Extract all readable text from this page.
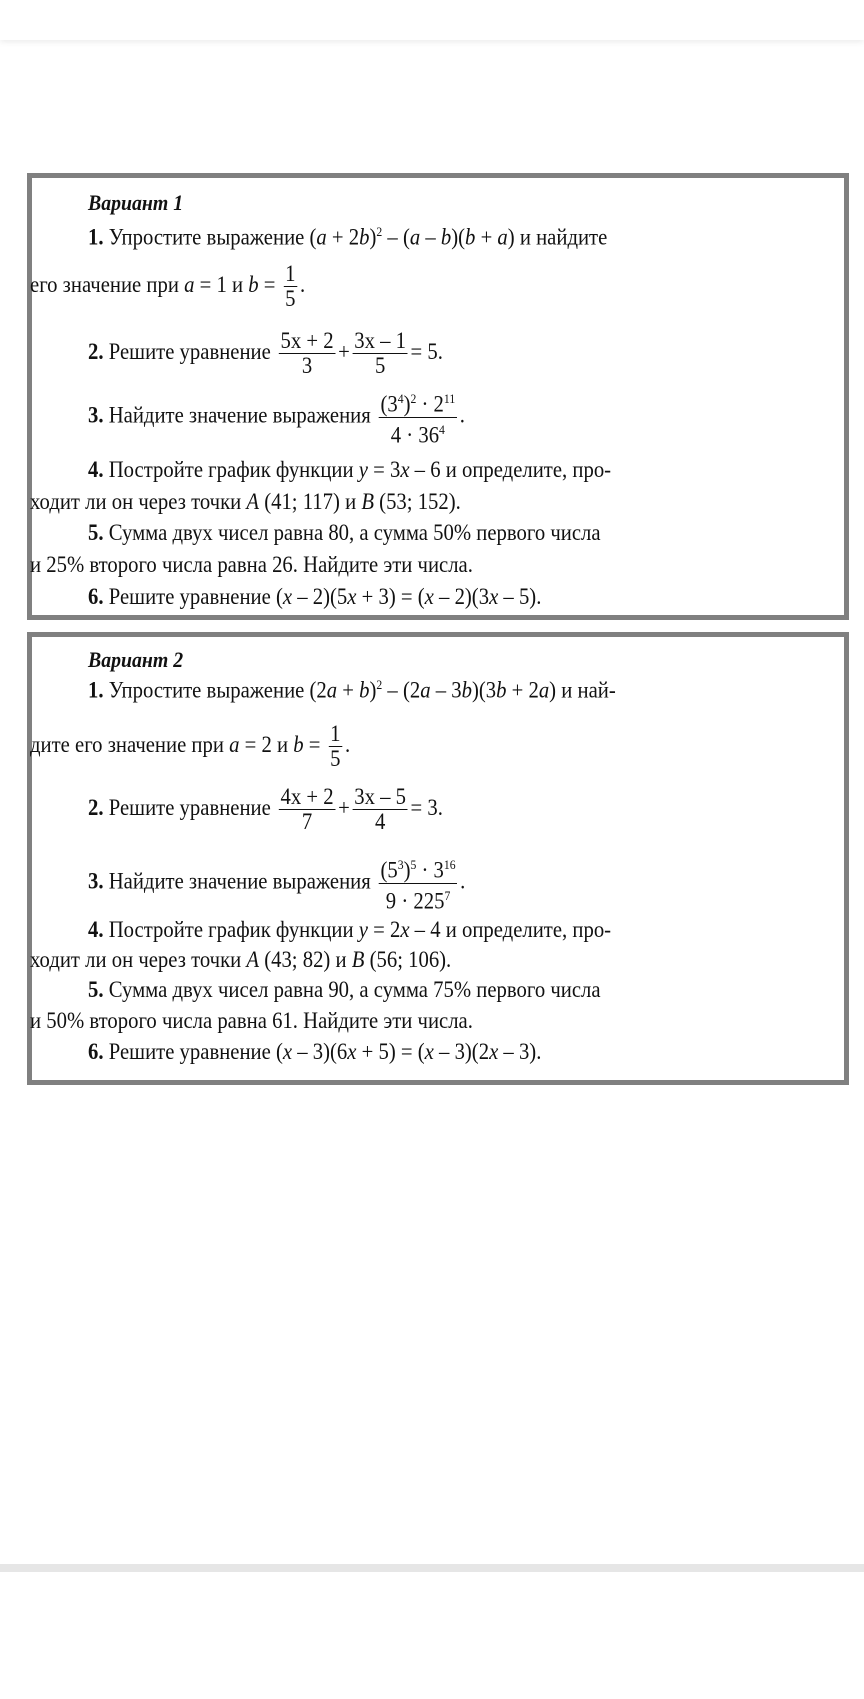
Вариант 1
1. Упростите выражение $(a + 2b)^2 - (a - b)(b + a)$ и найдите
его значение при a = 1 и $b = \frac{1}{5}$ .
2. Решите уравнение $\frac{5x + 2}{3} + \frac{3x - 1}{5} = 5$.
3. Найдите значение выражения $\frac{(3^4)^2 \cdot 2^{11}}{4 \cdot 36^4}$ .
4. Постройте график функции y = 3x – 6 и определите, про-
ходит ли он через точки A (41; 117) и B (53; 152).
5. Сумма двух чисел равна 80, а сумма 50% первого числа
и 25% второго числа равна 26. Найдите эти числа.
6. Решите уравнение (x – 2)(5x + 3) = (x – 2)(3x – 5).
Вариант 2
1. Упростите выражение $(2a + b)^2 - (2a - 3b)(3b + 2a)$ и най-
дите его значение при a = 2 и $b = \frac{1}{5}$ .
2. Решите уравнение $\frac{4x + 2}{7} + \frac{3x - 5}{4} = 3$.
3. Найдите значение выражения $\frac{(5^3)^5 \cdot 3^{16}}{9 \cdot 225^7}$ .
4. Постройте график функции y = 2x – 4 и определите, про-
ходит ли он через точки A (43; 82) и B (56; 106).
5. Сумма двух чисел равна 90, а сумма 75% первого числа
и 50% второго числа равна 61. Найдите эти числа.
6. Решите уравнение (x – 3)(6x + 5) = (x – 3)(2x – 3).
